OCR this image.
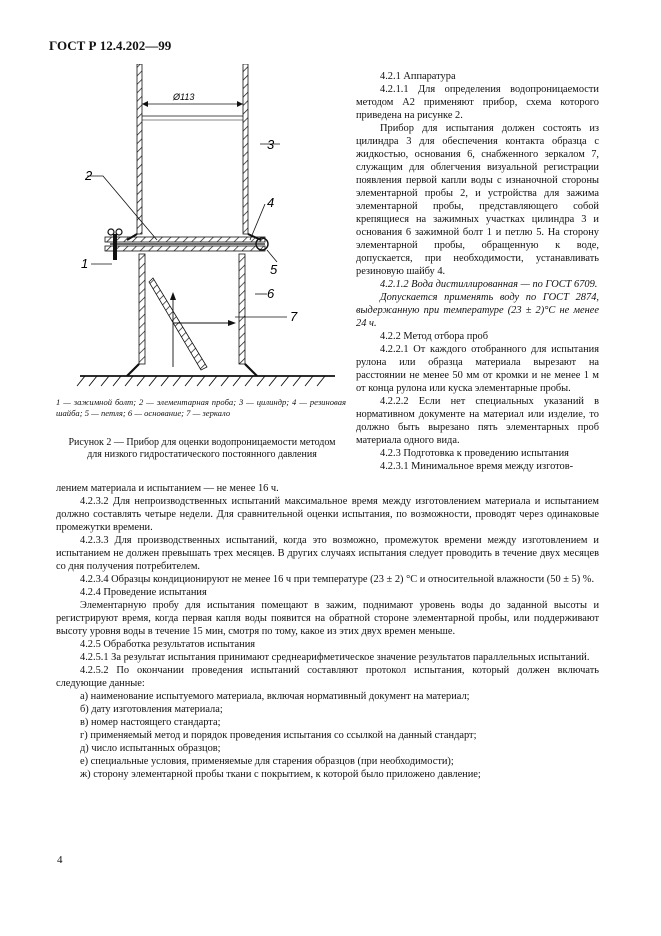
ГОСТ Р 12.4.202—99
Ø113
1
2
3
4
5
6
7

1 — зажимной болт; 2 — элементарная проба; 3 — цилиндр; 4 — резиновая шайба; 5 — петля; 6 — основание; 7 — зеркало

Рисунок 2 — Прибор для оценки водопроницаемости методом для низкого гидростатического постоянного давления

4.2.1 Аппаратура

4.2.1.1 Для определения водопроницаемости методом А2 применяют прибор, схема которого приведена на рисунке 2.

Прибор для испытания должен состоять из цилиндра 3 для обеспечения контакта образца с жидкостью, основания 6, снабженного зеркалом 7, служащим для облегчения визуальной регистрации появления первой капли воды с изнаночной стороны элементарной пробы 2, и устройства для зажима элементарной пробы, представляющего собой крепящиеся на зажимных участках цилиндра 3 и основания 6 зажимной болт 1 и петлю 5. На сторону элементарной пробы, обращенную к воде, допускается, при необходимости, устанавливать резиновую шайбу 4.

4.2.1.2 Вода дистиллированная — по ГОСТ 6709.

Допускается применять воду по ГОСТ 2874, выдержанную при температуре (23 ± 2)°С не менее 24 ч.

4.2.2 Метод отбора проб

4.2.2.1 От каждого отобранного для испытания рулона или образца материала вырезают на расстоянии не менее 50 мм от кромки и не менее 1 м от конца рулона или куска элементарные пробы.

4.2.2.2 Если нет специальных указаний в нормативном документе на материал или изделие, то должно быть вырезано пять элементарных проб материала одного вида.

4.2.3 Подготовка к проведению испытания

4.2.3.1 Минимальное время между изготов-

лением материала и испытанием — не менее 16 ч.

4.2.3.2 Для непроизводственных испытаний максимальное время между изготовлением материала и испытанием должно составлять четыре недели. Для сравнительной оценки испытания, по возможности, проводят через одинаковые промежутки времени.

4.2.3.3 Для производственных испытаний, когда это возможно, промежуток времени между изготовлением и испытанием не должен превышать трех месяцев. В других случаях испытания следует проводить в течение двух месяцев со дня получения потребителем.

4.2.3.4 Образцы кондиционируют не менее 16 ч при температуре (23 ± 2) °С и относительной влажности (50 ± 5) %.

4.2.4 Проведение испытания

Элементарную пробу для испытания помещают в зажим, поднимают уровень воды до заданной высоты и регистрируют время, когда первая капля воды появится на обратной стороне элементарной пробы, или поддерживают высоту уровня воды в течение 15 мин, смотря по тому, какое из этих двух времен меньше.

4.2.5 Обработка результатов испытания

4.2.5.1 За результат испытания принимают среднеарифметическое значение результатов параллельных испытаний.

4.2.5.2 По окончании проведения испытаний составляют протокол испытания, который должен включать следующие данные:

а) наименование испытуемого материала, включая нормативный документ на материал;

б) дату изготовления материала;

в) номер настоящего стандарта;

г) применяемый метод и порядок проведения испытания со ссылкой на данный стандарт;

д) число испытанных образцов;

е) специальные условия, применяемые для старения образцов (при необходимости);

ж) сторону элементарной пробы ткани с покрытием, к которой было приложено давление;

4
